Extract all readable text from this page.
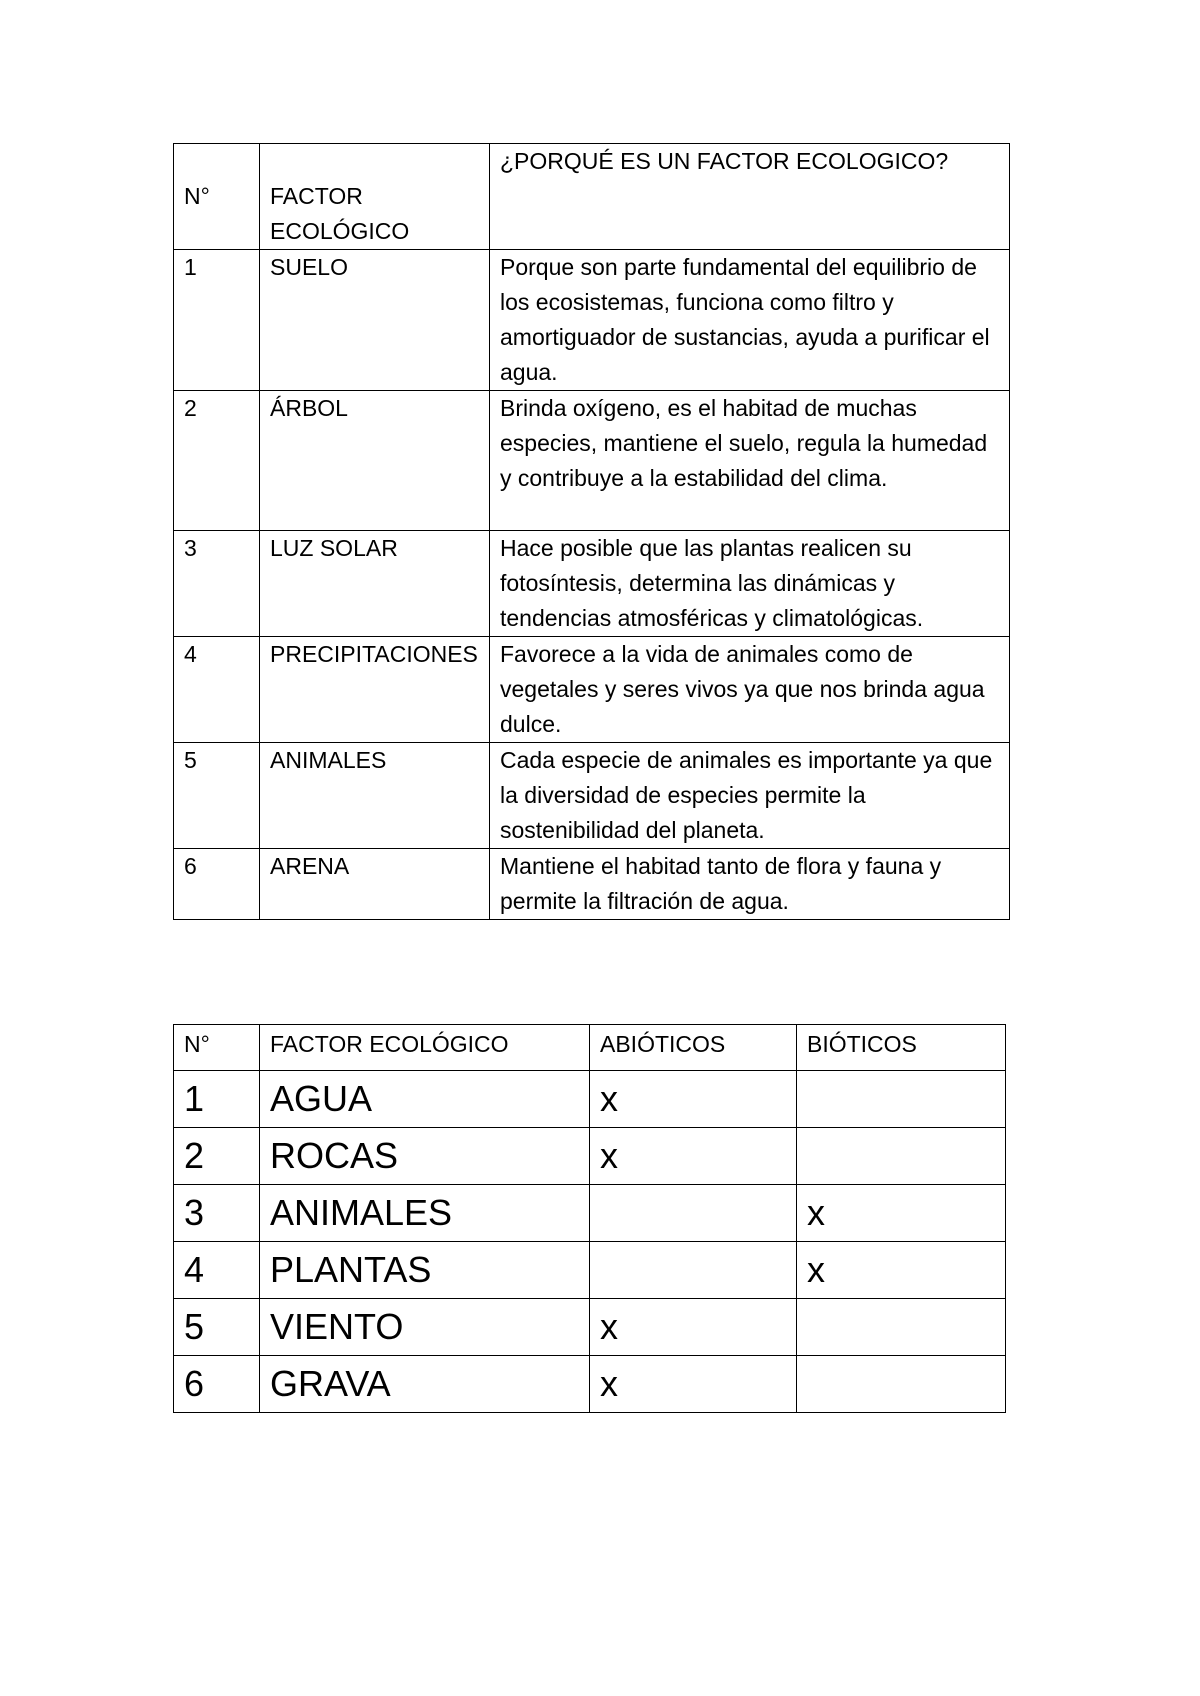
N°	FACTOR ECOLÓGICO	¿PORQUÉ ES UN FACTOR ECOLOGICO?
1	SUELO	Porque son parte fundamental del equilibrio de los ecosistemas, funciona como filtro y amortiguador de sustancias, ayuda a purificar el agua.
2	ÁRBOL	Brinda oxígeno, es el habitad de muchas especies, mantiene el suelo, regula la humedad y contribuye a la estabilidad del clima.
3	LUZ SOLAR	Hace posible que las plantas realicen su fotosíntesis, determina las dinámicas y tendencias atmosféricas y climatológicas.
4	PRECIPITACIONES	Favorece a la vida de animales como de vegetales y seres vivos ya que nos brinda agua dulce.
5	ANIMALES	Cada especie de animales es importante ya que la diversidad de especies permite la sostenibilidad del planeta.
6	ARENA	Mantiene el habitad tanto de flora y fauna y permite la filtración de agua.
N°	FACTOR ECOLÓGICO	ABIÓTICOS	BIÓTICOS
1	AGUA	x	
2	ROCAS	x	
3	ANIMALES		x
4	PLANTAS		x
5	VIENTO	x	
6	GRAVA	x	
